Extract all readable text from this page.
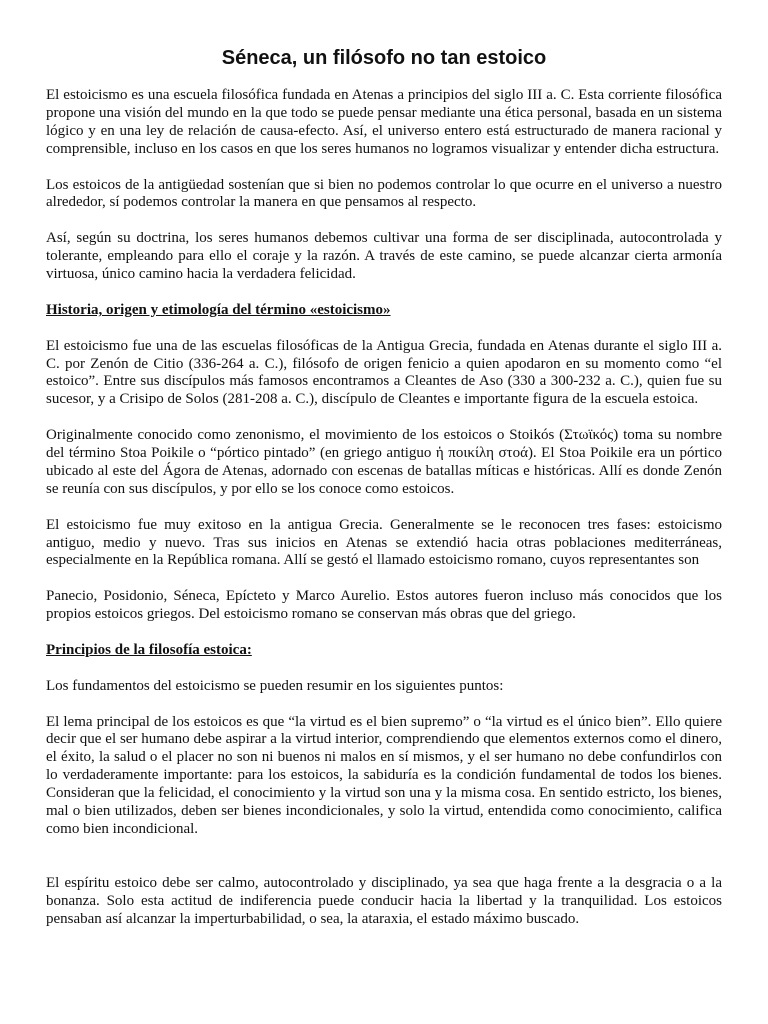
Séneca, un filósofo no tan estoico

El estoicismo es una escuela filosófica fundada en Atenas a principios del siglo III a. C. Esta corriente filosófica propone una visión del mundo en la que todo se puede pensar mediante una ética personal, basada en un sistema lógico y en una ley de relación de causa-efecto. Así, el universo entero está estructurado de manera racional y comprensible, incluso en los casos en que los seres humanos no logramos visualizar y entender dicha estructura.

Los estoicos de la antigüedad sostenían que si bien no podemos controlar lo que ocurre en el universo a nuestro alrededor, sí podemos controlar la manera en que pensamos al respecto.

Así, según su doctrina, los seres humanos debemos cultivar una forma de ser disciplinada, autocontrolada y tolerante, empleando para ello el coraje y la razón. A través de este camino, se puede alcanzar cierta armonía virtuosa, único camino hacia la verdadera felicidad.

Historia, origen y etimología del término «estoicismo»

El estoicismo fue una de las escuelas filosóficas de la Antigua Grecia, fundada en Atenas durante el siglo III a. C. por Zenón de Citio (336-264 a. C.), filósofo de origen fenicio a quien apodaron en su momento como “el estoico”. Entre sus discípulos más famosos encontramos a Cleantes de Aso (330 a 300-232 a. C.), quien fue su sucesor, y a Crisipo de Solos (281-208 a. C.), discípulo de Cleantes e importante figura de la escuela estoica.

Originalmente conocido como zenonismo, el movimiento de los estoicos o Stoikós (Στωϊκός) toma su nombre del término Stoa Poikile o “pórtico pintado” (en griego antiguo ἡ ποικίλη στοά). El Stoa Poikile era un pórtico ubicado al este del Ágora de Atenas, adornado con escenas de batallas míticas e históricas. Allí es donde Zenón se reunía con sus discípulos, y por ello se los conoce como estoicos.

El estoicismo fue muy exitoso en la antigua Grecia. Generalmente se le reconocen tres fases: estoicismo antiguo, medio y nuevo. Tras sus inicios en Atenas se extendió hacia otras poblaciones mediterráneas, especialmente en la República romana. Allí se gestó el llamado estoicismo romano, cuyos representantes son

Panecio, Posidonio, Séneca, Epícteto y Marco Aurelio. Estos autores fueron incluso más conocidos que los propios estoicos griegos. Del estoicismo romano se conservan más obras que del griego.

Principios de la filosofía estoica:

Los fundamentos del estoicismo se pueden resumir en los siguientes puntos:

El lema principal de los estoicos es que “la virtud es el bien supremo” o “la virtud es el único bien”. Ello quiere decir que el ser humano debe aspirar a la virtud interior, comprendiendo que elementos externos como el dinero, el éxito, la salud o el placer no son ni buenos ni malos en sí mismos, y el ser humano no debe confundirlos con lo verdaderamente importante: para los estoicos, la sabiduría es la condición fundamental de todos los bienes. Consideran que la felicidad, el conocimiento y la virtud son una y la misma cosa. En sentido estricto, los bienes, mal o bien utilizados, deben ser bienes incondicionales, y solo la virtud, entendida como conocimiento, califica como bien incondicional.

El espíritu estoico debe ser calmo, autocontrolado y disciplinado, ya sea que haga frente a la desgracia o a la bonanza. Solo esta actitud de indiferencia puede conducir hacia la libertad y la tranquilidad. Los estoicos pensaban así alcanzar la imperturbabilidad, o sea, la ataraxia, el estado máximo buscado.
